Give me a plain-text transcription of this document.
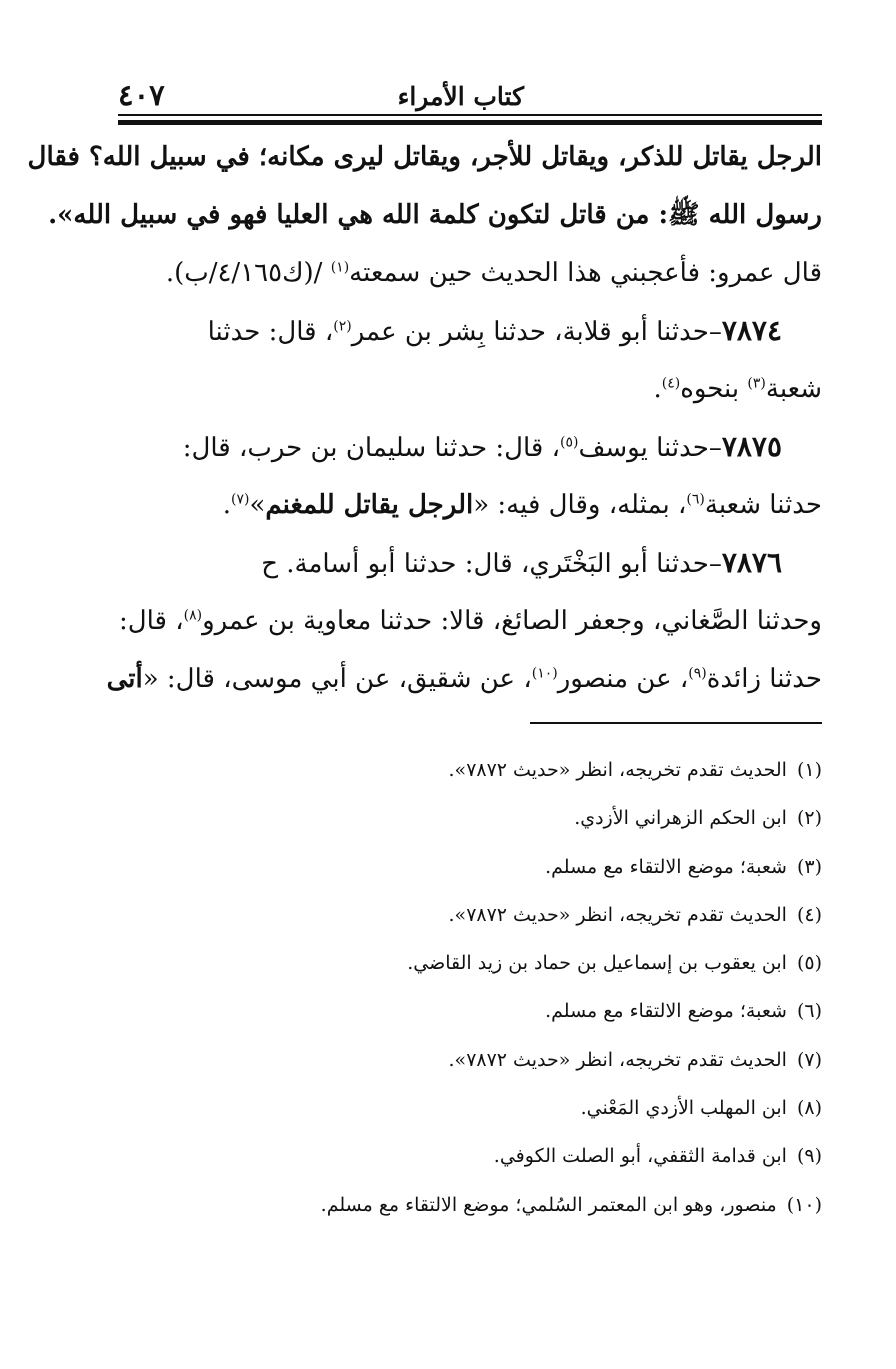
٤٠٧	كتاب الأمراء
الرجل يقاتل للذكر، ويقاتل للأجر، ويقاتل ليرى مكانه؛ في سبيل الله؟ فقال
رسول الله ﷺ: من قاتل لتكون كلمة الله هي العليا فهو في سبيل الله».
قال عمرو: فأعجبني هذا الحديث حين سمعته$^{(١)}$ /(ك٤/١٦٥/ب).
٧٨٧٤–حدثنا أبو قلابة، حدثنا بِشر بن عمر$^{(٢)}$، قال: حدثنا
شعبة$^{(٣)}$ بنحوه$^{(٤)}$.
٧٨٧٥–حدثنا يوسف$^{(٥)}$، قال: حدثنا سليمان بن حرب، قال:
حدثنا شعبة$^{(٦)}$، بمثله، وقال فيه: «الرجل يقاتل للمغنم»$^{(٧)}$.
٧٨٧٦–حدثنا أبو البَخْتَري، قال: حدثنا أبو أسامة. ح
وحدثنا الصَّغاني، وجعفر الصائغ، قالا: حدثنا معاوية بن عمرو$^{(٨)}$، قال:
حدثنا زائدة$^{(٩)}$، عن منصور$^{(١٠)}$، عن شقيق، عن أبي موسى، قال: «أتى
(١)الحديث تقدم تخريجه، انظر «حديث ٧٨٧٢».
(٢)ابن الحكم الزهراني الأزدي.
(٣)شعبة؛ موضع الالتقاء مع مسلم.
(٤)الحديث تقدم تخريجه، انظر «حديث ٧٨٧٢».
(٥)ابن يعقوب بن إسماعيل بن حماد بن زيد القاضي.
(٦)شعبة؛ موضع الالتقاء مع مسلم.
(٧)الحديث تقدم تخريجه، انظر «حديث ٧٨٧٢».
(٨)ابن المهلب الأزدي المَعْني.
(٩)ابن قدامة الثقفي، أبو الصلت الكوفي.
(١٠)منصور، وهو ابن المعتمر السُلمي؛ موضع الالتقاء مع مسلم.
